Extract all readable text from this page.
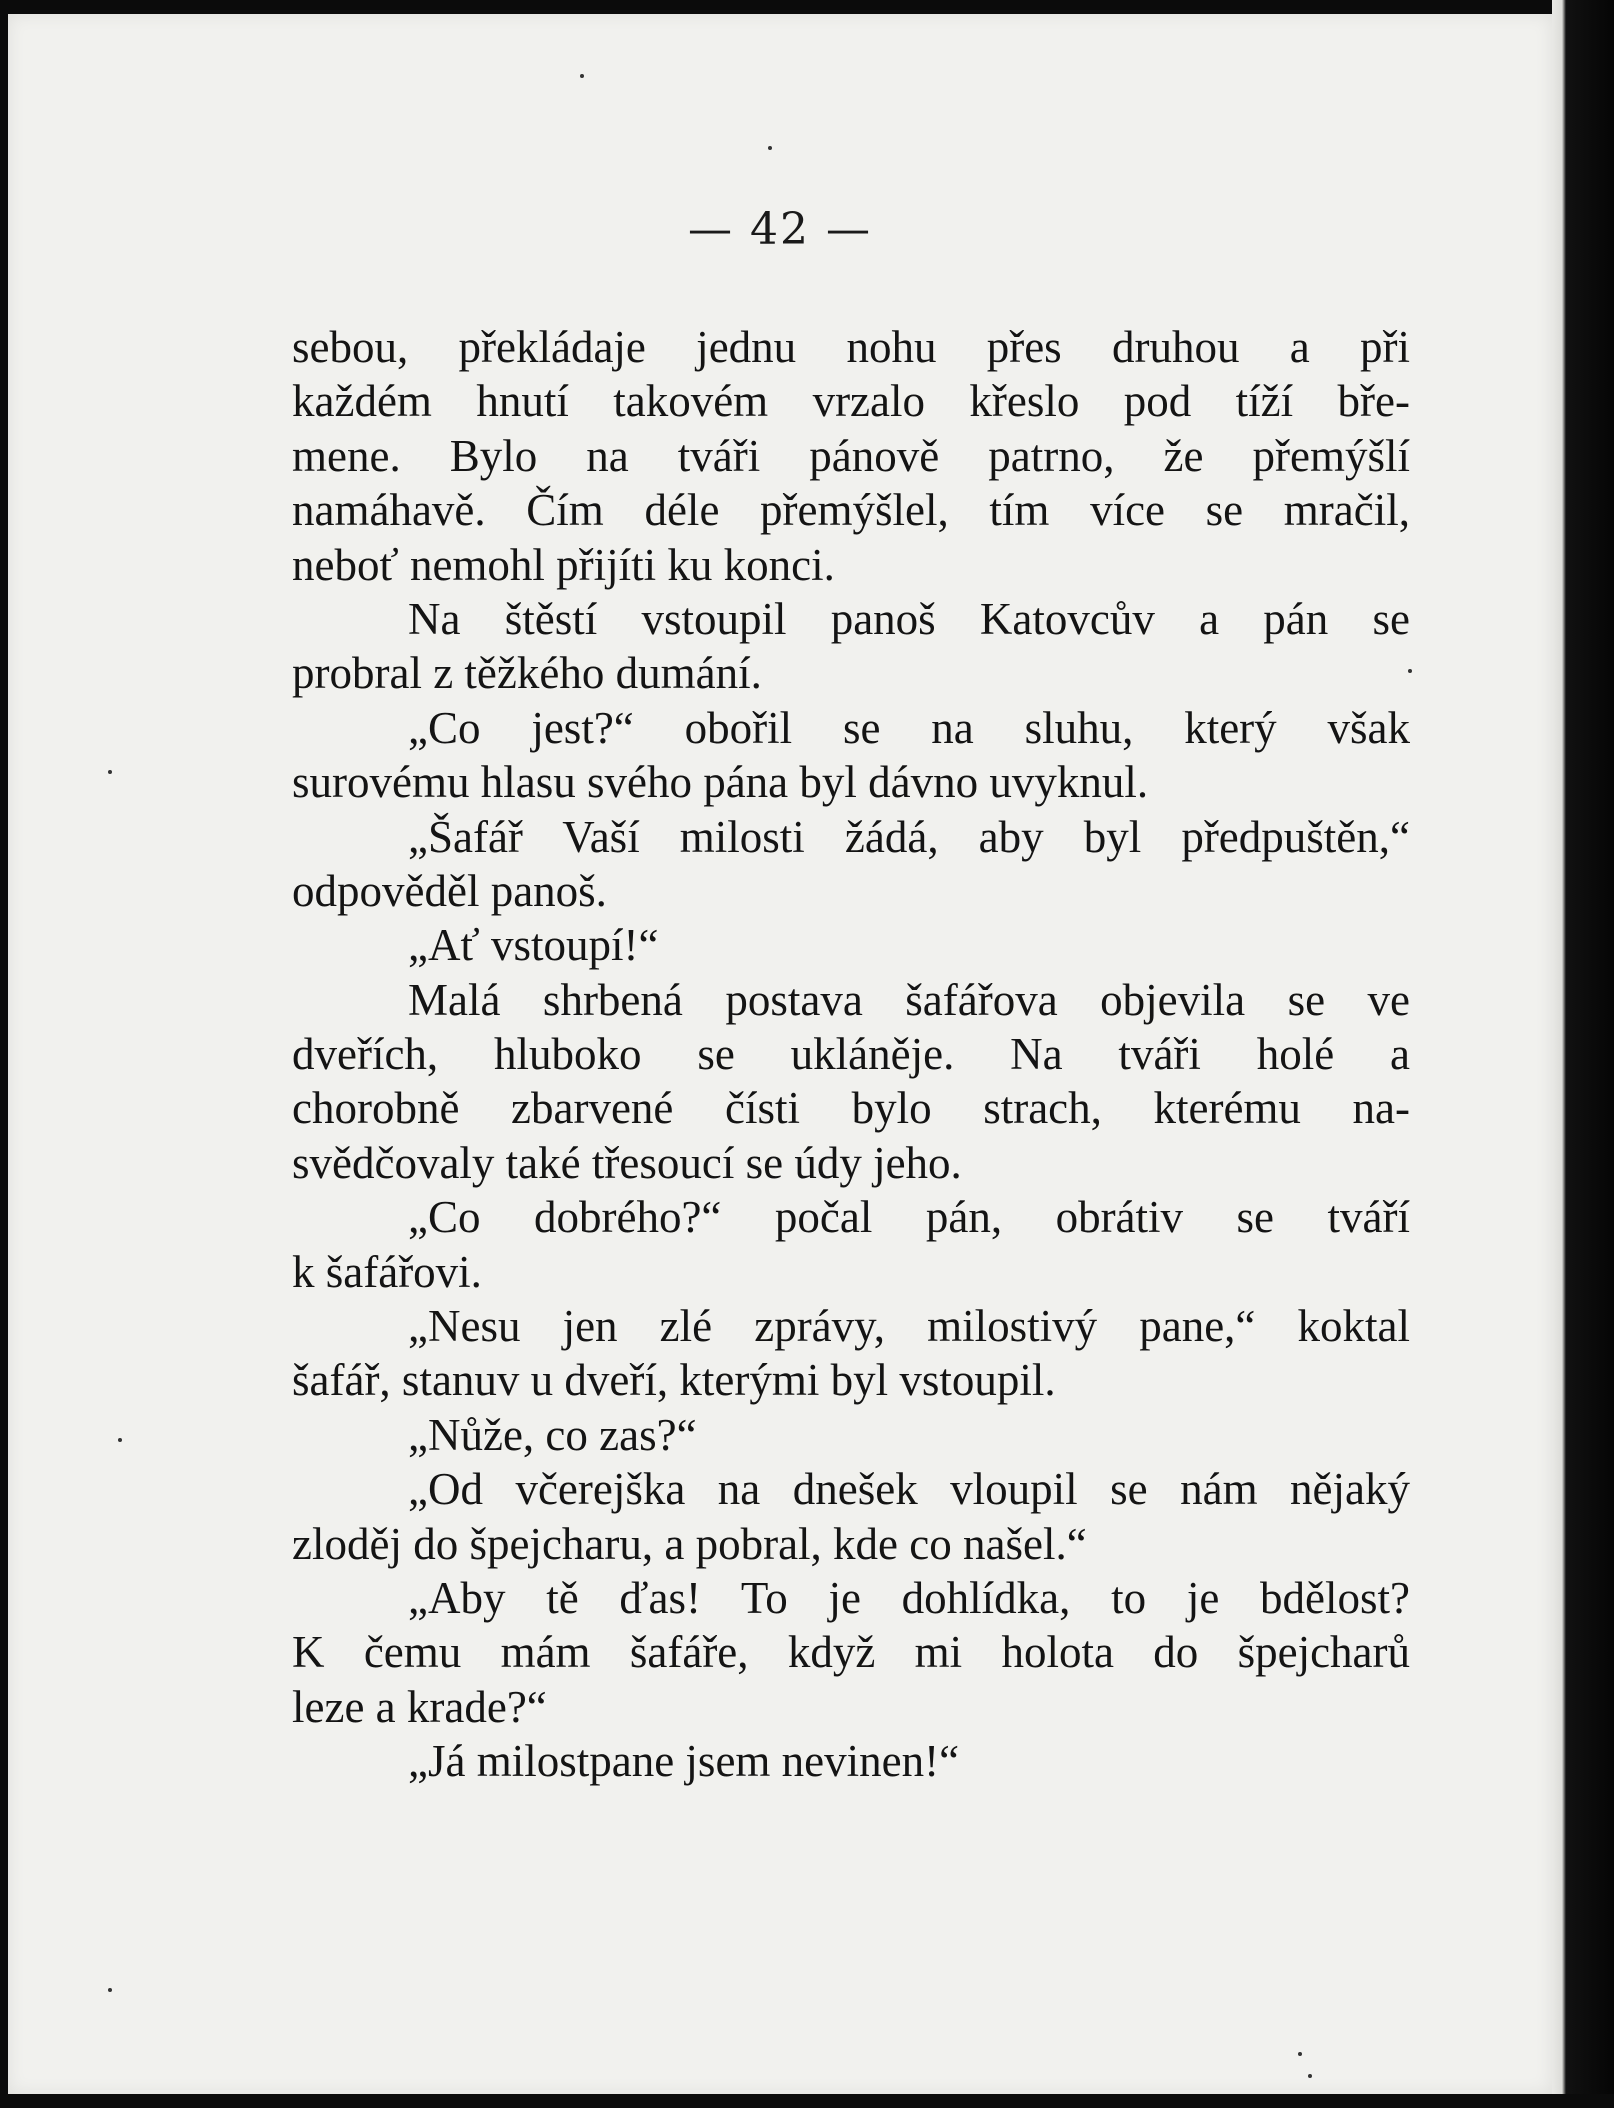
— 42 —
sebou, překládaje jednu nohu přes druhou a při
každém hnutí takovém vrzalo křeslo pod tíží bře-
mene. Bylo na tváři pánově patrno, že přemýšlí
namáhavě. Čím déle přemýšlel, tím více se mračil,
neboť nemohl přijíti ku konci.
Na štěstí vstoupil panoš Katovcův a pán se
probral z těžkého dumání.
„Co jest?“ obořil se na sluhu, který však
surovému hlasu svého pána byl dávno uvyknul.
„Šafář Vaší milosti žádá, aby byl předpuštěn,“
odpověděl panoš.
„Ať vstoupí!“
Malá shrbená postava šafářova objevila se ve
dveřích, hluboko se ukláněje. Na tváři holé a
chorobně zbarvené čísti bylo strach, kterému na-
svědčovaly také třesoucí se údy jeho.
„Co dobrého?“ počal pán, obrátiv se tváří
k šafářovi.
„Nesu jen zlé zprávy, milostivý pane,“ koktal
šafář, stanuv u dveří, kterými byl vstoupil.
„Nůže, co zas?“
„Od včerejška na dnešek vloupil se nám nějaký
zloděj do špejcharu, a pobral, kde co našel.“
„Aby tě ďas! To je dohlídka, to je bdělost?
K čemu mám šafáře, když mi holota do špejcharů
leze a krade?“
„Já milostpane jsem nevinen!“
